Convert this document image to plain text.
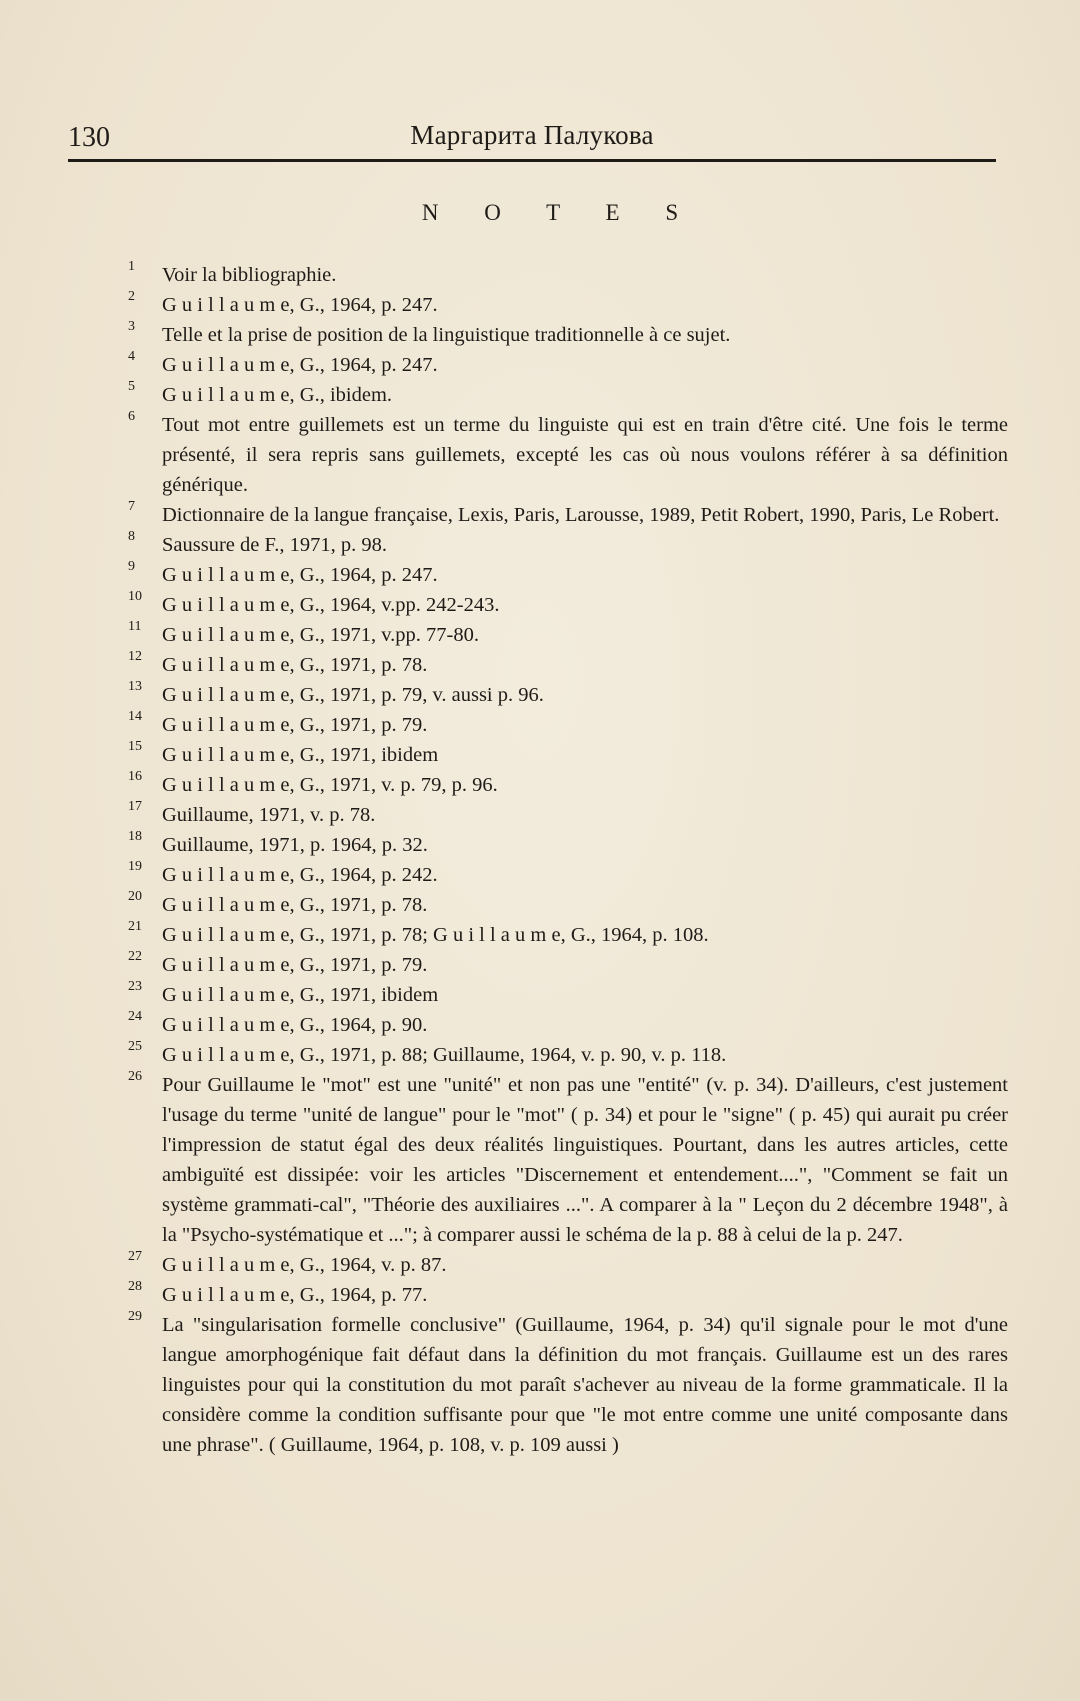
130	Маргарита Палукова
N O T E S
1	Voir la bibliographie.
2	G u i l l a u m e, G., 1964, p. 247.
3	Telle et la prise de position de la linguistique traditionnelle à ce sujet.
4	G u i l l a u m e, G., 1964, p. 247.
5	G u i l l a u m e, G., ibidem.
6	Tout mot entre guillemets est un terme du linguiste qui est en train d'être cité. Une fois le terme présenté, il sera repris sans guillemets, excepté les cas où nous voulons référer à sa définition générique.
7	Dictionnaire de la langue française, Lexis, Paris, Larousse, 1989, Petit Robert, 1990, Paris, Le Robert.
8	Saussure de F., 1971, p. 98.
9	G u i l l a u m e, G., 1964, p. 247.
10 G u i l l a u m e, G., 1964, v.pp. 242-243.
11	G u i l l a u m e, G., 1971, v.pp. 77-80.
12 G u i l l a u m e, G., 1971, p. 78.
13 G u i l l a u m e, G., 1971, p. 79, v. aussi p. 96.
14 G u i l l a u m e, G., 1971, p. 79.
15 G u i l l a u m e, G., 1971, ibidem
16 G u i l l a u m e, G., 1971, v. p. 79, p. 96.
17 Guillaume, 1971, v. p. 78.
18 Guillaume, 1971, p. 1964, p. 32.
19 G u i l l a u m e, G., 1964, p. 242.
20 G u i l l a u m e, G., 1971, p. 78.
21 G u i l l a u m e, G., 1971, p. 78; G u i l l a u m e, G., 1964, p. 108.
22 G u i l l a u m e, G., 1971, p. 79.
23 G u i l l a u m e, G., 1971, ibidem
24 G u i l l a u m e, G., 1964, p. 90.
25 G u i l l a u m e, G., 1971, p. 88; Guillaume, 1964, v. p. 90, v. p. 118.
26 Pour Guillaume le "mot" est une "unité" et non pas une "entité" (v. p. 34). D'ailleurs, c'est justement l'usage du terme "unité de langue" pour le "mot" ( p. 34) et pour le "signe" ( p. 45) qui aurait pu créer l'impression de statut égal des deux réalités linguistiques. Pourtant, dans les autres articles, cette ambiguïté est dissipée: voir les articles "Discernement et entendement....", "Comment se fait un système grammati-cal", "Théorie des auxiliaires ...". A comparer à la " Leçon du 2 décembre 1948", à la "Psycho-systématique et ..."; à comparer aussi le schéma de la p. 88 à celui de la p. 247.
27 G u i l l a u m e, G., 1964, v. p. 87.
28 G u i l l a u m e, G., 1964, p. 77.
29 La "singularisation formelle conclusive" (Guillaume, 1964, p. 34) qu'il signale pour le mot d'une langue amorphogénique fait défaut dans la définition du mot français. Guillaume est un des rares linguistes pour qui la constitution du mot paraît s'achever au niveau de la forme grammaticale. Il la considère comme la condition suffisante pour que "le mot entre comme une unité composante dans une phrase". ( Guillaume, 1964, p. 108, v. p. 109 aussi )
